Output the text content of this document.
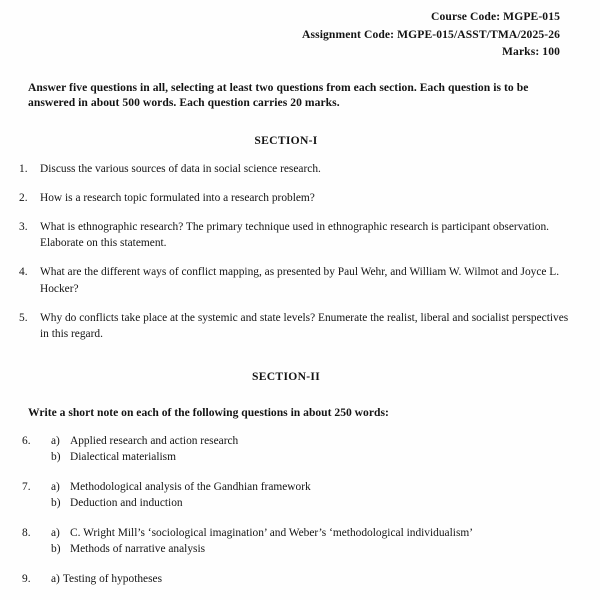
Course Code: MGPE-015
Assignment Code: MGPE-015/ASST/TMA/2025-26
Marks: 100

Answer five questions in all, selecting at least two questions from each section. Each question is to be answered in about 500 words. Each question carries 20 marks.

SECTION-I
1.	Discuss the various sources of data in social science research.
2.	How is a research topic formulated into a research problem?
3.	What is ethnographic research? The primary technique used in ethnographic research is participant observation. Elaborate on this statement.
4.	What are the different ways of conflict mapping, as presented by Paul Wehr, and William W. Wilmot and Joyce L. Hocker?
5.	Why do conflicts take place at the systemic and state levels? Enumerate the realist, liberal and socialist perspectives in this regard.
SECTION-II
Write a short note on each of the following questions in about 250 words:
6.	a) Applied research and action research
b) Dialectical materialism
7.	a) Methodological analysis of the Gandhian framework
b) Deduction and induction
8.	a) C. Wright Mill’s ‘sociological imagination’ and Weber’s ‘methodological individualism’
b) Methods of narrative analysis
9.	a) Testing of hypotheses
